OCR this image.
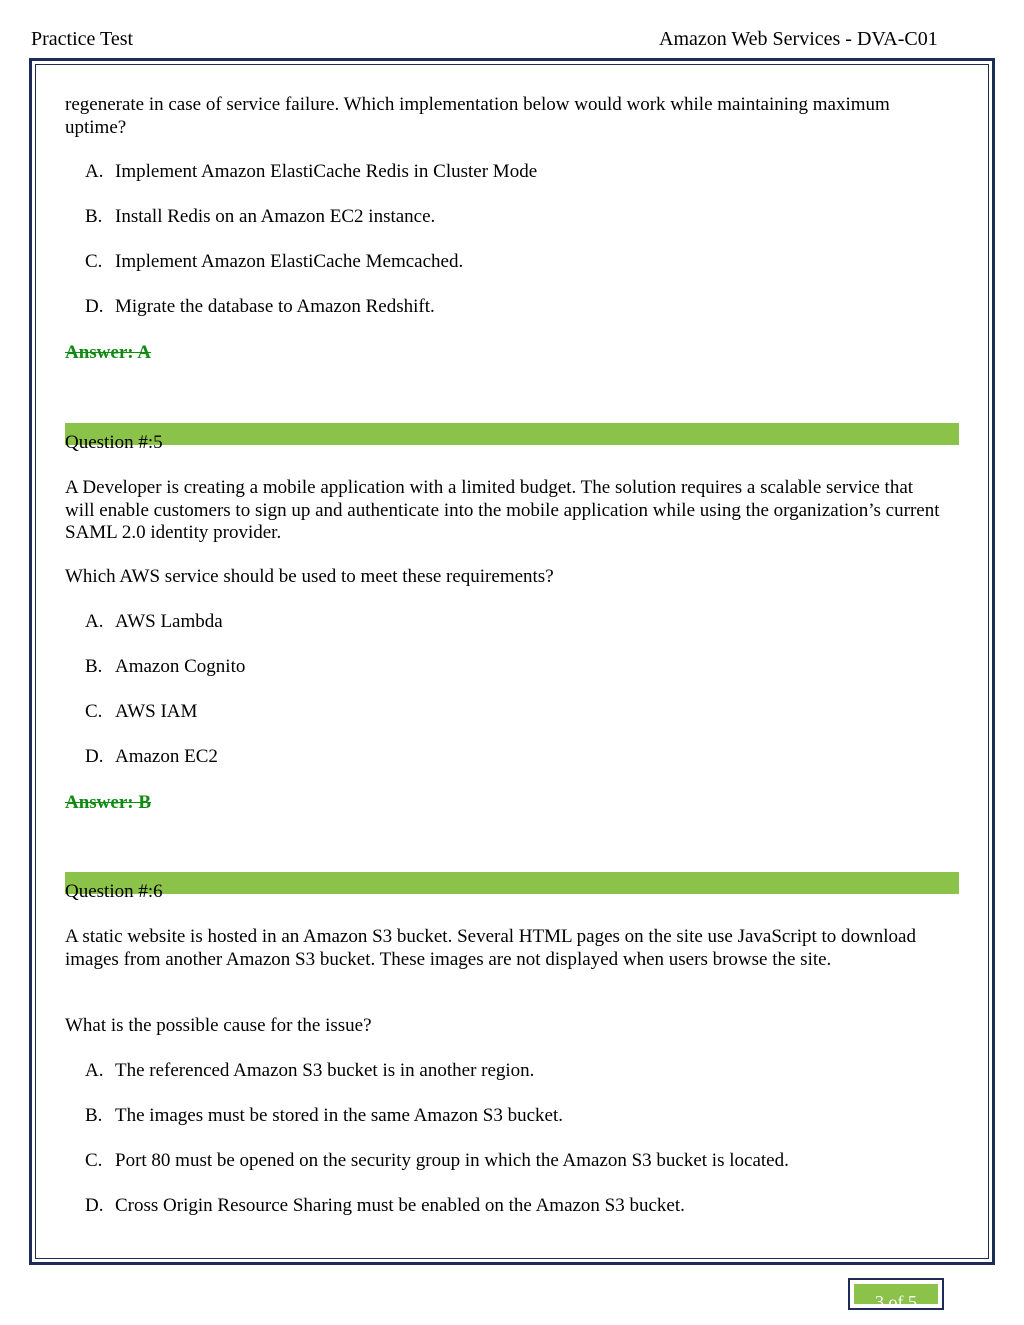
Practice Test	Amazon Web Services - DVA-C01
regenerate in case of service failure. Which implementation below would work while maintaining maximum uptime?
A. Implement Amazon ElastiCache Redis in Cluster Mode
B. Install Redis on an Amazon EC2 instance.
C. Implement Amazon ElastiCache Memcached.
D. Migrate the database to Amazon Redshift.
Answer: A
Question #:5
A Developer is creating a mobile application with a limited budget. The solution requires a scalable service that will enable customers to sign up and authenticate into the mobile application while using the organization’s current SAML 2.0 identity provider.
Which AWS service should be used to meet these requirements?
A. AWS Lambda
B. Amazon Cognito
C. AWS IAM
D. Amazon EC2
Answer: B
Question #:6
A static website is hosted in an Amazon S3 bucket. Several HTML pages on the site use JavaScript to download images from another Amazon S3 bucket. These images are not displayed when users browse the site.
What is the possible cause for the issue?
A. The referenced Amazon S3 bucket is in another region.
B. The images must be stored in the same Amazon S3 bucket.
C. Port 80 must be opened on the security group in which the Amazon S3 bucket is located.
D. Cross Origin Resource Sharing must be enabled on the Amazon S3 bucket.
3 of 5
